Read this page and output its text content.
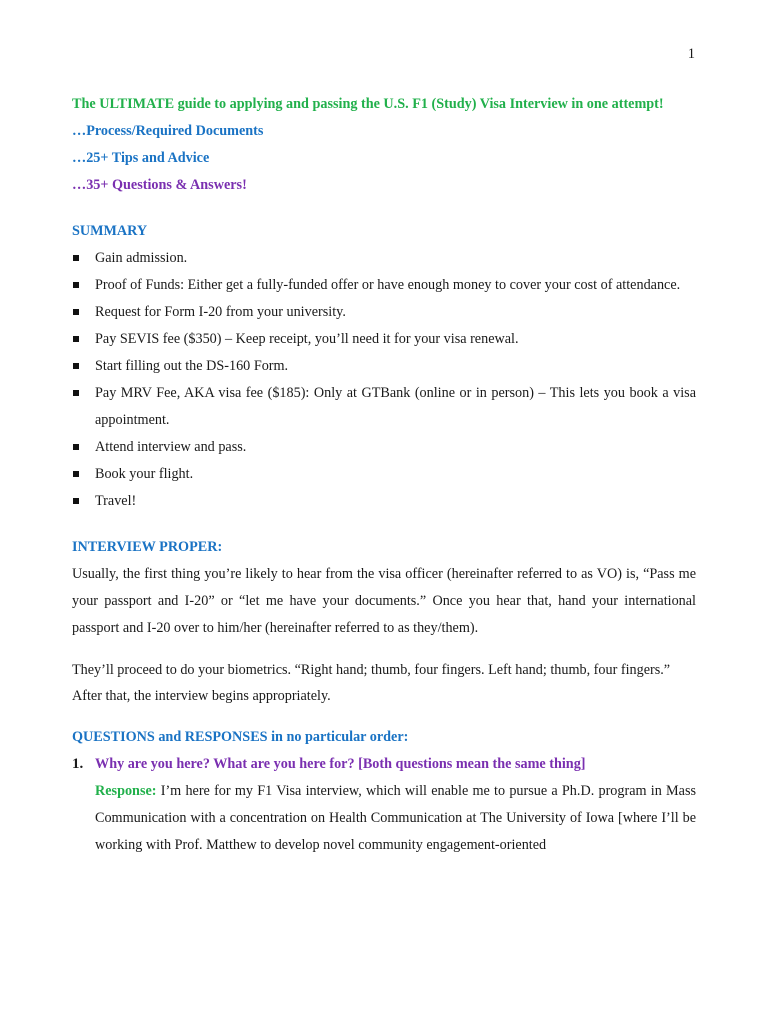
1
The ULTIMATE guide to applying and passing the U.S. F1 (Study) Visa Interview in one attempt!
…Process/Required Documents
…25+ Tips and Advice
…35+ Questions & Answers!
SUMMARY
Gain admission.
Proof of Funds: Either get a fully-funded offer or have enough money to cover your cost of attendance.
Request for Form I-20 from your university.
Pay SEVIS fee ($350) – Keep receipt, you’ll need it for your visa renewal.
Start filling out the DS-160 Form.
Pay MRV Fee, AKA visa fee ($185): Only at GTBank (online or in person) – This lets you book a visa appointment.
Attend interview and pass.
Book your flight.
Travel!
INTERVIEW PROPER:
Usually, the first thing you’re likely to hear from the visa officer (hereinafter referred to as VO) is, “Pass me your passport and I-20” or “let me have your documents.” Once you hear that, hand your international passport and I-20 over to him/her (hereinafter referred to as they/them).
They’ll proceed to do your biometrics. “Right hand; thumb, four fingers. Left hand; thumb, four fingers.”
After that, the interview begins appropriately.
QUESTIONS and RESPONSES in no particular order:
1. Why are you here? What are you here for? [Both questions mean the same thing]
Response: I’m here for my F1 Visa interview, which will enable me to pursue a Ph.D. program in Mass Communication with a concentration on Health Communication at The University of Iowa [where I’ll be working with Prof. Matthew to develop novel community engagement-oriented
